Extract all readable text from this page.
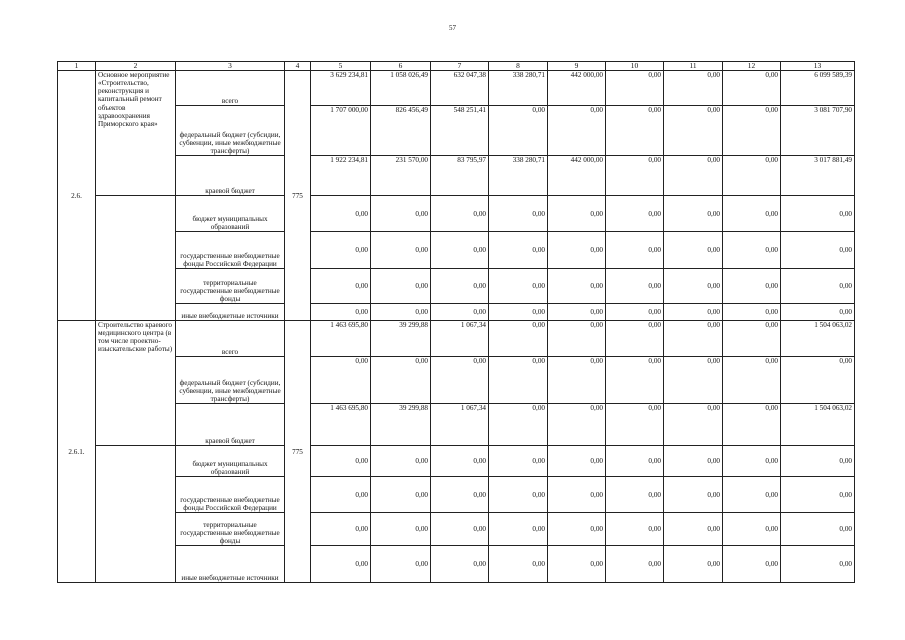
57
1	2	3	4	5	6	7	8	9	10	11	12	13
2.6.	Основное мероприятие «Строительство, реконструкция и капитальный ремонт объектов здравоохранения Приморского края»	всего	775	3 629 234,81	1 058 026,49	632 047,38	338 280,71	442 000,00	0,00	0,00	0,00	6 099 589,39
		федеральный бюджет (субсидии, субвенции, иные межбюджетные трансферты)		1 707 000,00	826 456,49	548 251,41	0,00	0,00	0,00	0,00	0,00	3 081 707,90
		краевой бюджет		1 922 234,81	231 570,00	83 795,97	338 280,71	442 000,00	0,00	0,00	0,00	3 017 881,49
		бюджет муниципальных образований		0,00	0,00	0,00	0,00	0,00	0,00	0,00	0,00	0,00
		государственные внебюджетные фонды Российской Федерации		0,00	0,00	0,00	0,00	0,00	0,00	0,00	0,00	0,00
		территориальные государственные внебюджетные фонды		0,00	0,00	0,00	0,00	0,00	0,00	0,00	0,00	0,00
		иные внебюджетные источники		0,00	0,00	0,00	0,00	0,00	0,00	0,00	0,00	0,00
2.6.1.	Строительство краевого медицинского центра (в том числе проектно-изыскательские работы)	всего	775	1 463 695,80	39 299,88	1 067,34	0,00	0,00	0,00	0,00	0,00	1 504 063,02
		федеральный бюджет (субсидии, субвенции, иные межбюджетные трансферты)		0,00	0,00	0,00	0,00	0,00	0,00	0,00	0,00	0,00
		краевой бюджет		1 463 695,80	39 299,88	1 067,34	0,00	0,00	0,00	0,00	0,00	1 504 063,02
		бюджет муниципальных образований		0,00	0,00	0,00	0,00	0,00	0,00	0,00	0,00	0,00
		государственные внебюджетные фонды Российской Федерации		0,00	0,00	0,00	0,00	0,00	0,00	0,00	0,00	0,00
		территориальные государственные внебюджетные фонды		0,00	0,00	0,00	0,00	0,00	0,00	0,00	0,00	0,00
		иные внебюджетные источники		0,00	0,00	0,00	0,00	0,00	0,00	0,00	0,00	0,00
